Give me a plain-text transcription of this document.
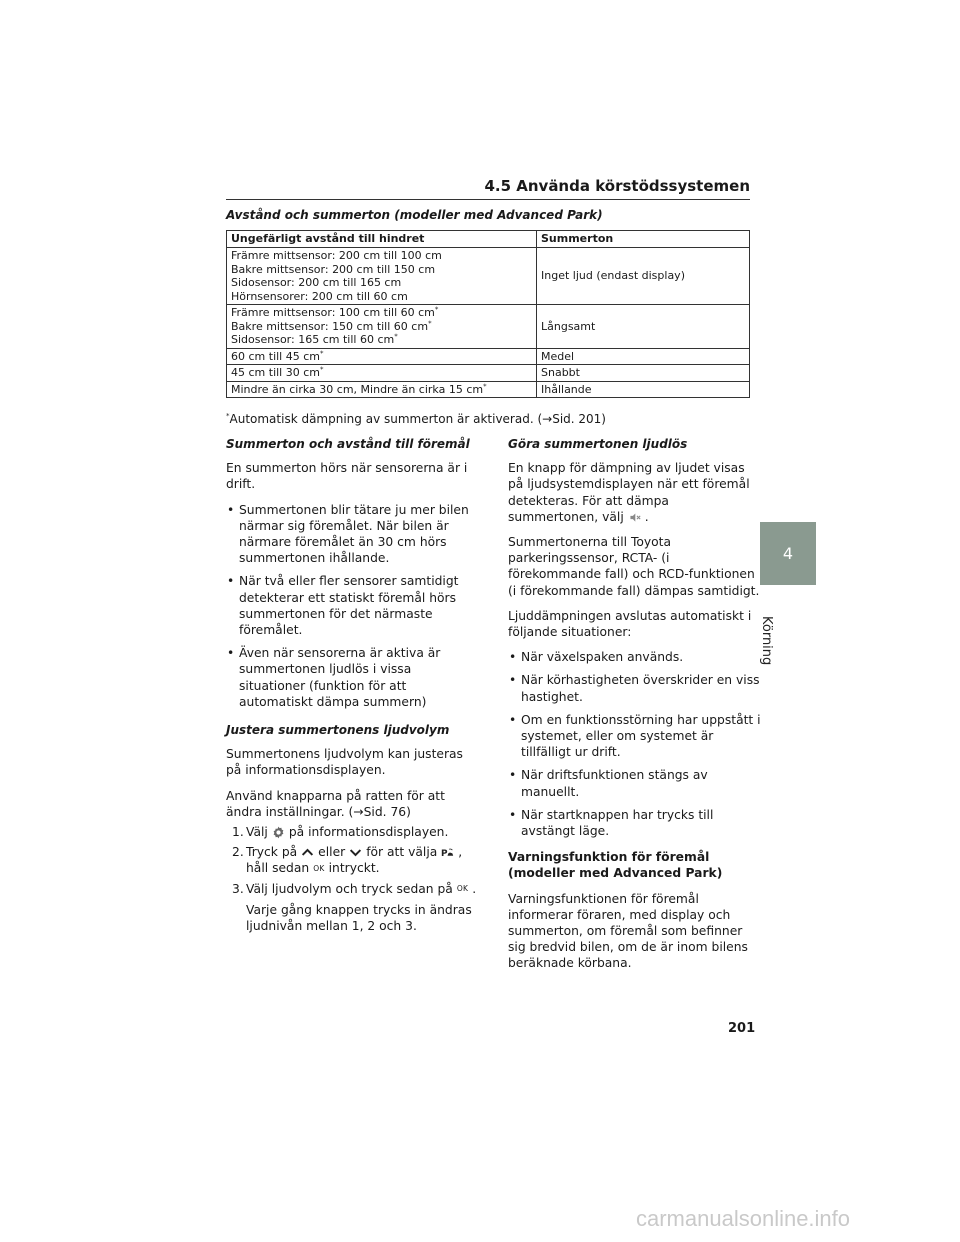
4.5 Använda körstödssystemen
Avstånd och summerton (modeller med Advanced Park)
Ungefärligt avstånd till hindret	Summerton
Främre mittsensor: 200 cm till 100 cm
Bakre mittsensor: 200 cm till 150 cm
Sidosensor: 200 cm till 165 cm
Hörnsensorer: 200 cm till 60 cm	Inget ljud (endast display)
Främre mittsensor: 100 cm till 60 cm*
Bakre mittsensor: 150 cm till 60 cm*
Sidosensor: 165 cm till 60 cm*	Långsamt
60 cm till 45 cm*	Medel
45 cm till 30 cm*	Snabbt
Mindre än cirka 30 cm, Mindre än cirka 15 cm*	Ihållande
*Automatisk dämpning av summerton är aktiverad. (→Sid. 201)
Summerton och avstånd till föremål

En summerton hörs när sensorerna är i drift.

• Summertonen blir tätare ju mer bilen närmar sig föremålet. När bilen är närmare föremålet än 30 cm hörs summertonen ihållande.
• När två eller fler sensorer samtidigt detekterar ett statiskt föremål hörs summertonen för det närmaste föremålet.
• Även när sensorerna är aktiva är summertonen ljudlös i vissa situationer (funktion för att automatiskt dämpa summern)
Justera summertonens ljudvolym

Summertonens ljudvolym kan justeras på informationsdisplayen.

Använd knapparna på ratten för att ändra inställningar. (→Sid. 76)

1. Välj på informationsdisplayen.
2. Tryck på eller för att välja P ,
håll sedan OK intryckt.
3. Välj ljudvolym och tryck sedan på OK .

Varje gång knappen trycks in ändras ljudnivån mellan 1, 2 och 3.

Göra summertonen ljudlös

En knapp för dämpning av ljudet visas på ljudsystemdisplayen när ett föremål detekteras. För att dämpa summertonen, välj .

Summertonerna till Toyota parkeringssensor, RCTA- (i förekommande fall) och RCD-funktionen (i förekommande fall) dämpas samtidigt.

Ljuddämpningen avslutas automatiskt i följande situationer:

• När växelspaken används.
• När körhastigheten överskrider en viss hastighet.
• Om en funktionsstörning har uppstått i systemet, eller om systemet är tillfälligt ur drift.
• När driftsfunktionen stängs av manuellt.
• När startknappen har trycks till avstängt läge.
Varningsfunktion för föremål (modeller med Advanced Park)

Varningsfunktionen för föremål informerar föraren, med display och summerton, om föremål som befinner sig bredvid bilen, om de är inom bilens beräknade körbana.

4
Körning
201
carmanualsonline.info
